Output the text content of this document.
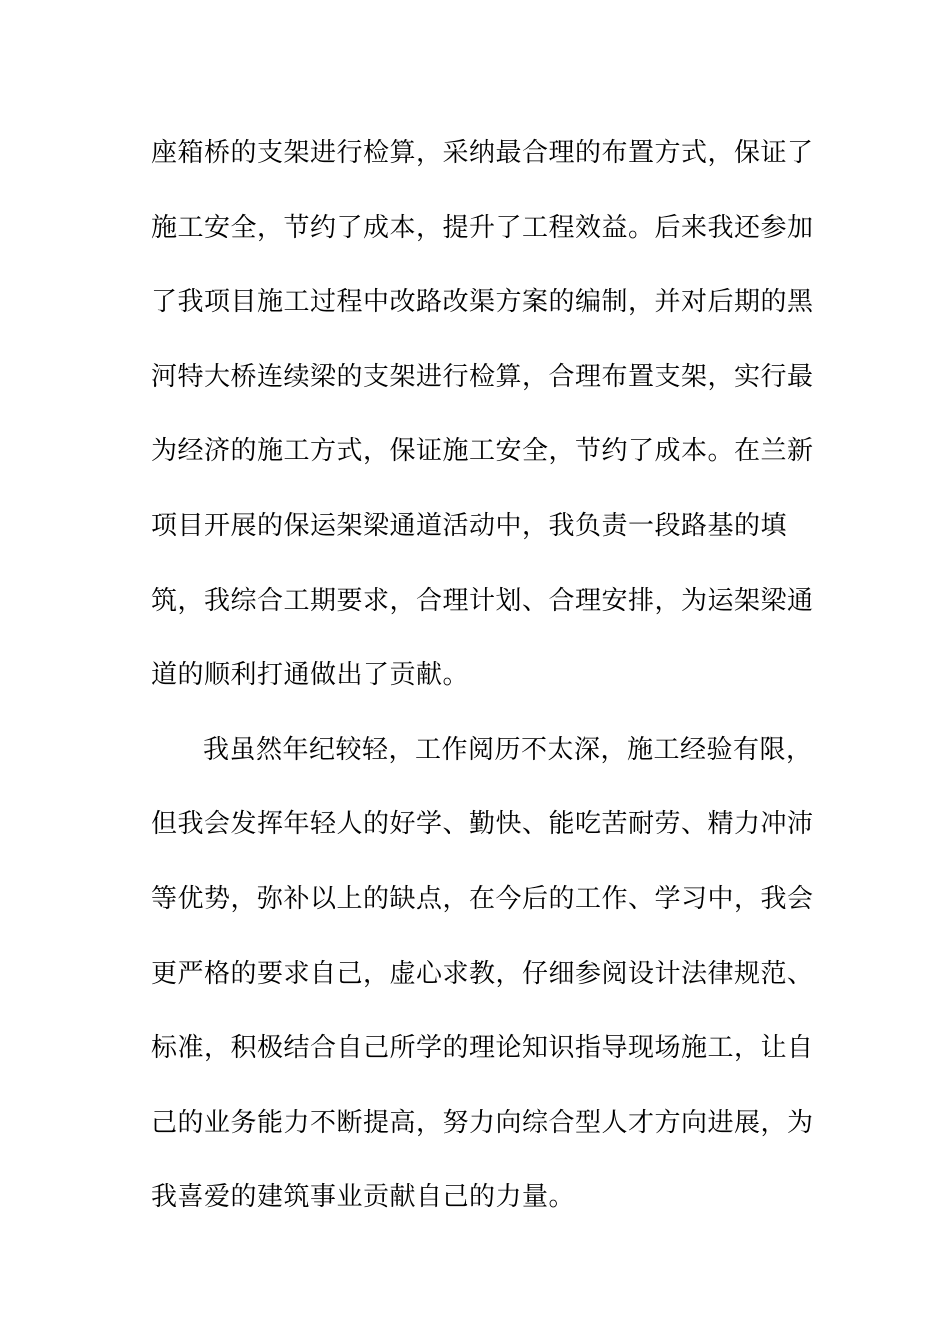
座箱桥的支架进行检算，采纳最合理的布置方式，保证了
施工安全，节约了成本，提升了工程效益。后来我还参加
了我项目施工过程中改路改渠方案的编制，并对后期的黑
河特大桥连续梁的支架进行检算，合理布置支架，实行最
为经济的施工方式，保证施工安全，节约了成本。在兰新
项目开展的保运架梁通道活动中，我负责一段路基的填
筑，我综合工期要求，合理计划、合理安排，为运架梁通
道的顺利打通做出了贡献。
我虽然年纪较轻，工作阅历不太深，施工经验有限，
但我会发挥年轻人的好学、勤快、能吃苦耐劳、精力冲沛
等优势，弥补以上的缺点，在今后的工作、学习中，我会
更严格的要求自己，虚心求教，仔细参阅设计法律规范、
标准，积极结合自己所学的理论知识指导现场施工，让自
己的业务能力不断提高，努力向综合型人才方向进展，为
我喜爱的建筑事业贡献自己的力量。
